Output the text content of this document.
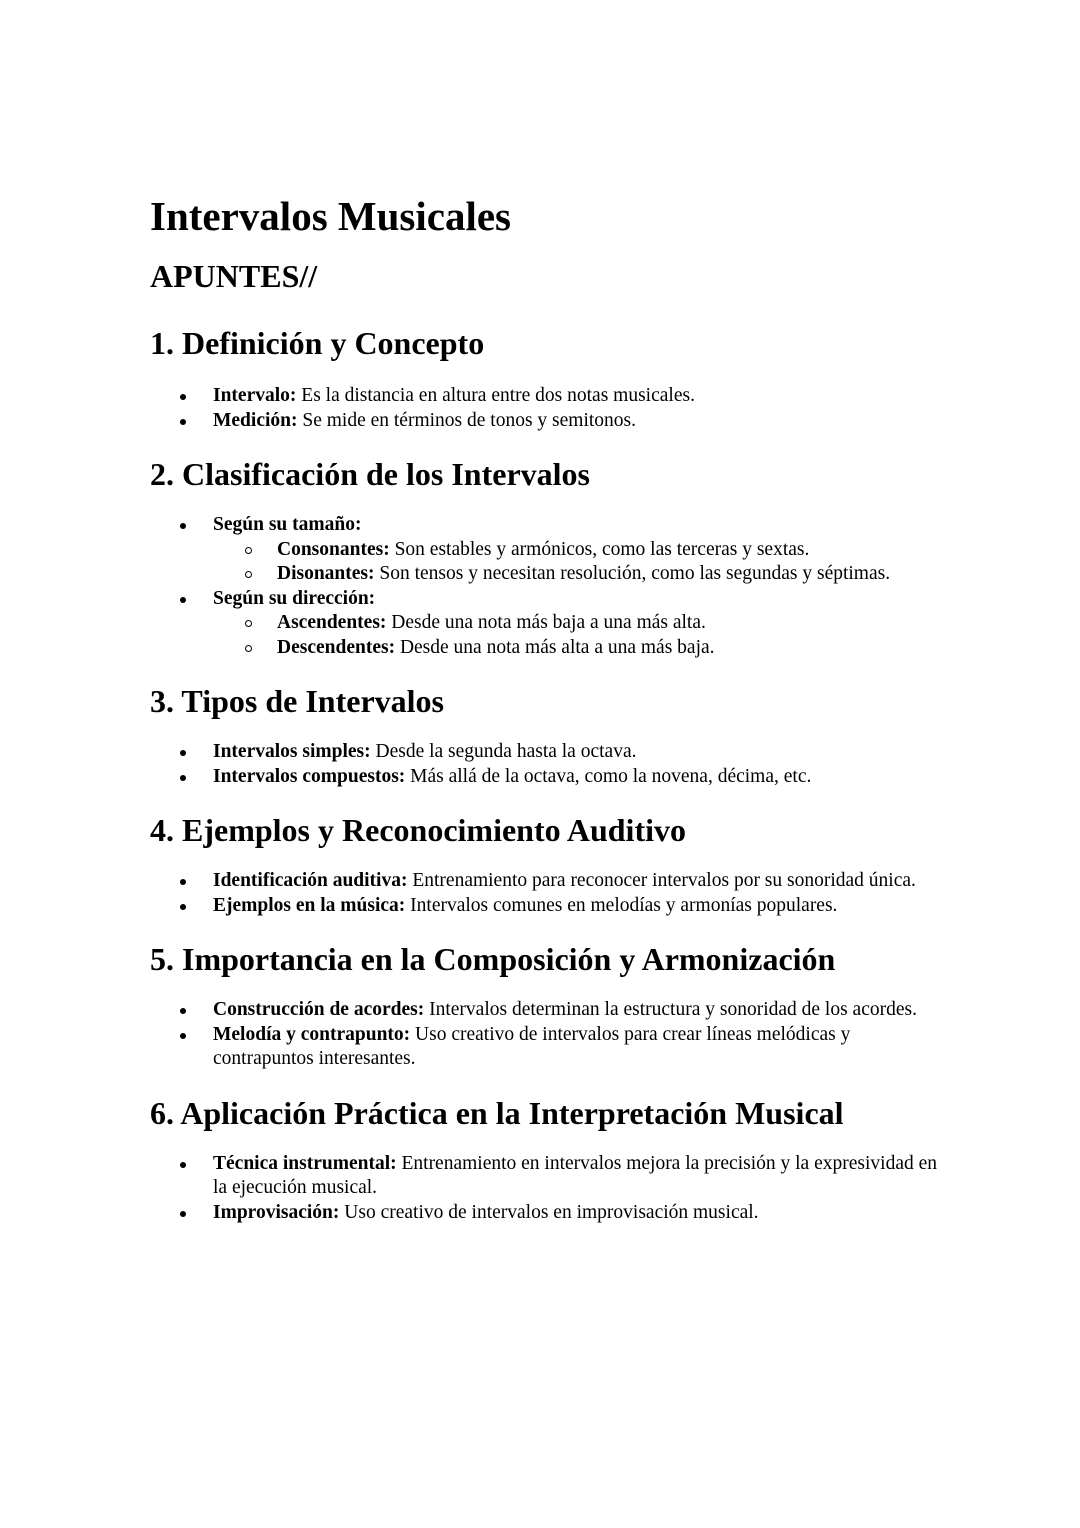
Intervalos Musicales
APUNTES//
1. Definición y Concepto
Intervalo: Es la distancia en altura entre dos notas musicales.
Medición: Se mide en términos de tonos y semitonos.
2. Clasificación de los Intervalos
Según su tamaño:
Consonantes: Son estables y armónicos, como las terceras y sextas.
Disonantes: Son tensos y necesitan resolución, como las segundas y séptimas.
Según su dirección:
Ascendentes: Desde una nota más baja a una más alta.
Descendentes: Desde una nota más alta a una más baja.
3. Tipos de Intervalos
Intervalos simples: Desde la segunda hasta la octava.
Intervalos compuestos: Más allá de la octava, como la novena, décima, etc.
4. Ejemplos y Reconocimiento Auditivo
Identificación auditiva: Entrenamiento para reconocer intervalos por su sonoridad única.
Ejemplos en la música: Intervalos comunes en melodías y armonías populares.
5. Importancia en la Composición y Armonización
Construcción de acordes: Intervalos determinan la estructura y sonoridad de los acordes.
Melodía y contrapunto: Uso creativo de intervalos para crear líneas melódicas y contrapuntos interesantes.
6. Aplicación Práctica en la Interpretación Musical
Técnica instrumental: Entrenamiento en intervalos mejora la precisión y la expresividad en la ejecución musical.
Improvisación: Uso creativo de intervalos en improvisación musical.
